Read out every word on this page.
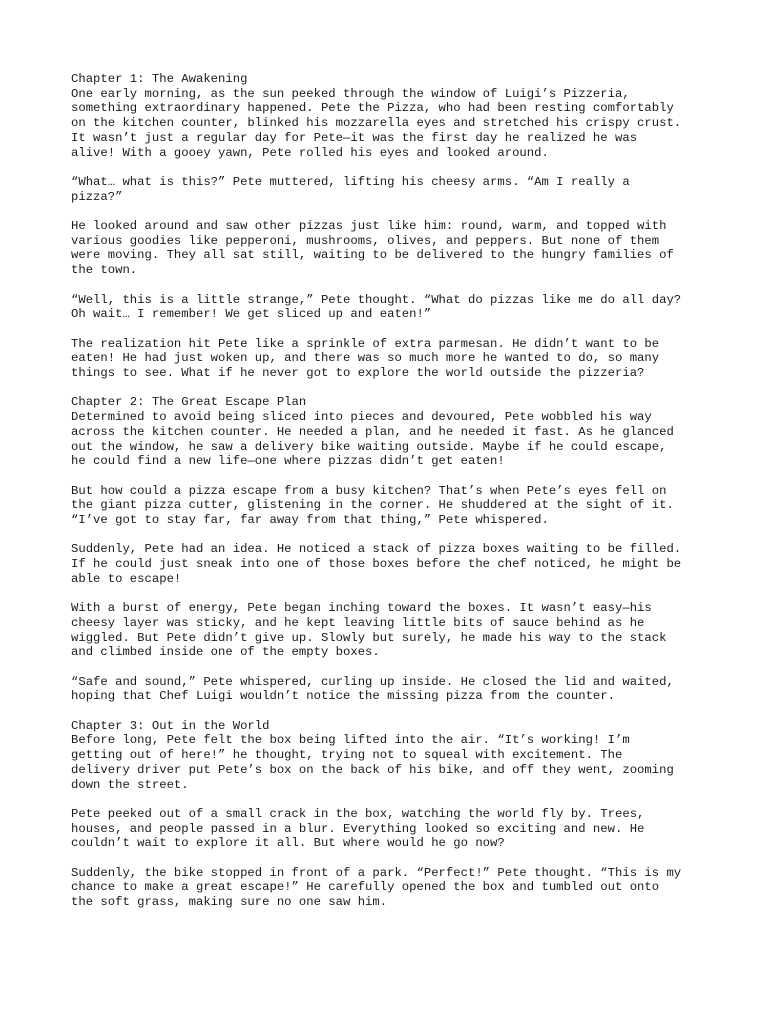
Chapter 1: The Awakening
One early morning, as the sun peeked through the window of Luigi’s Pizzeria,
something extraordinary happened. Pete the Pizza, who had been resting comfortably
on the kitchen counter, blinked his mozzarella eyes and stretched his crispy crust.
It wasn’t just a regular day for Pete—it was the first day he realized he was
alive! With a gooey yawn, Pete rolled his eyes and looked around.
“What… what is this?” Pete muttered, lifting his cheesy arms. “Am I really a
pizza?”
He looked around and saw other pizzas just like him: round, warm, and topped with
various goodies like pepperoni, mushrooms, olives, and peppers. But none of them
were moving. They all sat still, waiting to be delivered to the hungry families of
the town.
“Well, this is a little strange,” Pete thought. “What do pizzas like me do all day?
Oh wait… I remember! We get sliced up and eaten!”
The realization hit Pete like a sprinkle of extra parmesan. He didn’t want to be
eaten! He had just woken up, and there was so much more he wanted to do, so many
things to see. What if he never got to explore the world outside the pizzeria?
Chapter 2: The Great Escape Plan
Determined to avoid being sliced into pieces and devoured, Pete wobbled his way
across the kitchen counter. He needed a plan, and he needed it fast. As he glanced
out the window, he saw a delivery bike waiting outside. Maybe if he could escape,
he could find a new life—one where pizzas didn’t get eaten!
But how could a pizza escape from a busy kitchen? That’s when Pete’s eyes fell on
the giant pizza cutter, glistening in the corner. He shuddered at the sight of it.
“I’ve got to stay far, far away from that thing,” Pete whispered.
Suddenly, Pete had an idea. He noticed a stack of pizza boxes waiting to be filled.
If he could just sneak into one of those boxes before the chef noticed, he might be
able to escape!
With a burst of energy, Pete began inching toward the boxes. It wasn’t easy—his
cheesy layer was sticky, and he kept leaving little bits of sauce behind as he
wiggled. But Pete didn’t give up. Slowly but surely, he made his way to the stack
and climbed inside one of the empty boxes.
“Safe and sound,” Pete whispered, curling up inside. He closed the lid and waited,
hoping that Chef Luigi wouldn’t notice the missing pizza from the counter.
Chapter 3: Out in the World
Before long, Pete felt the box being lifted into the air. “It’s working! I’m
getting out of here!” he thought, trying not to squeal with excitement. The
delivery driver put Pete’s box on the back of his bike, and off they went, zooming
down the street.
Pete peeked out of a small crack in the box, watching the world fly by. Trees,
houses, and people passed in a blur. Everything looked so exciting and new. He
couldn’t wait to explore it all. But where would he go now?
Suddenly, the bike stopped in front of a park. “Perfect!” Pete thought. “This is my
chance to make a great escape!” He carefully opened the box and tumbled out onto
the soft grass, making sure no one saw him.
